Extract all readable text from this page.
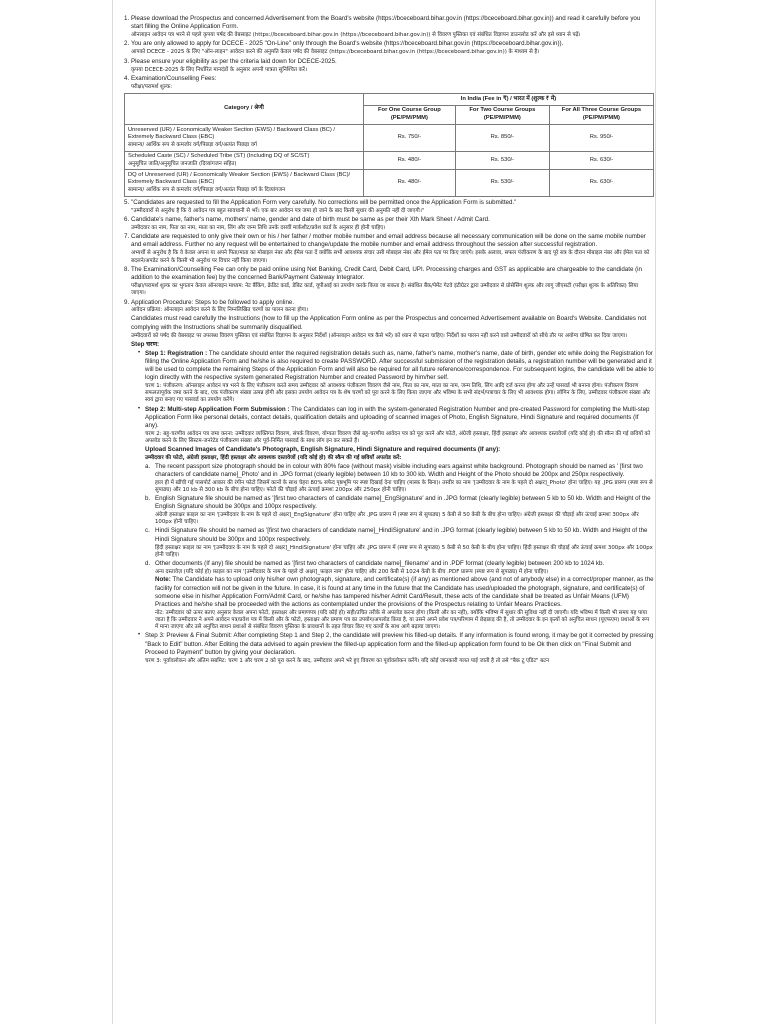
1. Please download the Prospectus and concerned Advertisement from the Board's website (https://bceceboard.bihar.gov.in (https://bceceboard.bihar.gov.in)) and read it carefully before you start filling the Online Application Form.

ऑनलाइन आवेदन पत्र भरने से पहले कृपया पर्षद की वेबसाइट (https://bceceboard.bihar.gov.in (https://bceceboard.bihar.gov.in)) से विवरण पुस्तिका एवं संबंधित विज्ञापन डाउनलोड करें और इसे ध्यान से पढ़ें।

2. You are only allowed to apply for DCECE - 2025 "On-Line" only through the Board's website (https://bceceboard.bihar.gov.in (https://bceceboard.bihar.gov.in)).

आपको DCECE - 2025 के लिए "ऑन-लाइन" आवेदन करने की अनुमति केवल पर्षद की वेबसाइट (https://bceceboard.bihar.gov.in (https://bceceboard.bihar.gov.in)) के माध्यम से है।

3. Please ensure your eligibility as per the criteria laid down for DCECE-2025.

कृपया DCECE-2025 के लिए निर्धारित मानदंडों के अनुसार अपनी पात्रता सुनिश्चित करें।

4. Examination/Counselling Fees:

परीक्षा/परामर्श शुल्क:

Category / श्रेणी	In India (Fee in ₹) / भारत में (शुल्क ₹ में)		
	For One Course Group (PE/PM/PMM)	For Two Course Groups (PE/PM/PMM)	For All Three Course Groups (PE/PM/PMM)

Unreserved (UR) / Economically Weaker Section (EWS) / Backward Class (BC) / Extremely Backward Class (EBC)
सामान्य/ आर्थिक रूप से कमजोर वर्ग/पिछड़ा वर्ग/अत्यंत पिछड़ा वर्ग	Rs. 750/-	Rs. 850/-	Rs. 950/-

Scheduled Caste (SC) / Scheduled Tribe (ST) (Including DQ of SC/ST)
अनुसूचित जाति/अनुसूचित जनजाति (दिव्यांगजन सहित)	Rs. 480/-	Rs. 530/-	Rs. 630/-

DQ of Unreserved (UR) / Economically Weaker Section (EWS) / Backward Class (BC)/ Extremely Backward Class (EBC)
सामान्य/ आर्थिक रूप से कमजोर वर्ग/पिछड़ा वर्ग/अत्यंत पिछड़ा वर्ग के दिव्यांगजन	Rs. 480/-	Rs. 530/-	Rs. 630/-
5. "Candidates are requested to fill the Application Form very carefully. No corrections will be permitted once the Application Form is submitted."

"उम्मीदवारों से अनुरोध है कि वे आवेदन पत्र बहुत सावधानी से भरें। एक बार आवेदन पत्र जमा हो जाने के बाद किसी सुधार की अनुमति नहीं दी जाएगी।"

6. Candidate's name, father's name, mothers' name, gender and date of birth must be same as per their Xth Mark Sheet / Admit Card.

उम्मीदवार का नाम, पिता का नाम, माता का नाम, लिंग और जन्म तिथि उनके दसवीं मार्कशीट/प्रवेश कार्ड के अनुसार ही होनी चाहिए।

7. Candidate are requested to only give their own or his / her father / mother mobile number and email address because all necessary communication will be done on the same mobile number and email address. Further no any request will be entertained to change/update the mobile number and email address throughout the session after successful registration.

अभ्यर्थी से अनुरोध है कि वे केवल अपना या अपने पिता/माता का मोबाइल नंबर और ईमेल पता दें क्योंकि सभी आवश्यक संचार उसी मोबाइल नंबर और ईमेल पता पर किए जाएंगे। इसके अलावा, सफल पंजीकरण के बाद पूरे सत्र के दौरान मोबाइल नंबर और ईमेल पता को बदलने/अपडेट करने के किसी भी अनुरोध पर विचार नहीं किया जाएगा।

8. The Examination/Counselling Fee can only be paid online using Net Banking, Credit Card, Debit Card, UPI. Processing charges and GST as applicable are chargeable to the candidate (in addition to the examination fee) by the concerned Bank/Payment Gateway Integrator.

परीक्षा/परामर्श शुल्क का भुगतान केवल ऑनलाइन माध्यम: नेट बैंकिंग, क्रेडिट कार्ड, डेबिट कार्ड, यूपीआई का उपयोग करके किया जा सकता है। संबंधित बैंक/पेमेंट गेटवे इंटीग्रेटर द्वारा उम्मीदवार से प्रोसेसिंग शुल्क और लागू जीएसटी (परीक्षा शुल्क के अतिरिक्त) लिया जाएगा।

9. Application Procedure: Steps to be followed to apply online.

आवेदन प्रक्रिया: ऑनलाइन आवेदन करने के लिए निम्नलिखित चरणों का पालन करना होगा।

Candidates must read carefully the Instructions (how to fill up the Application Form online as per the Prospectus and concerned Advertisement available on Board's Website. Candidates not complying with the Instructions shall be summarily disqualified.

उम्मीदवारों को पर्षद की वेबसाइट पर उपलब्ध विवरण पुस्तिका एवं संबंधित विज्ञापन के अनुसार निर्देशों (ऑनलाइन आवेदन पत्र कैसे भरें) को ध्यान से पढ़ना चाहिए। निर्देशों का पालन नहीं करने वाले उम्मीदवारों को सीधे तौर पर अयोग्य घोषित कर दिया जाएगा।

Step चरण:

• Step 1: Registration : The candidate should enter the required registration details such as, name, father's name, mother's name, date of birth, gender etc while doing the Registration for filling the Online Application Form and he/she is also required to create PASSWORD. After successful submission of the registration details, a registration number will be generated and it will be used to complete the remaining Steps of the Application Form and will also be required for all future reference/correspondence. For subsequent logins, the candidate will be able to login directly with the respective system generated Registration Number and created Password by him/her self.

चरण 1: पंजीकरण: ऑनलाइन आवेदन पत्र भरने के लिए पंजीकरण करते समय उम्मीदवार को आवश्यक पंजीकरण विवरण जैसे नाम, पिता का नाम, माता का नाम, जन्म तिथि, लिंग आदि दर्ज करना होगा और उन्हें पासवर्ड भी बनाना होगा। पंजीकरण विवरण सफलतापूर्वक जमा करने के बाद, एक पंजीकरण संख्या उत्पन्न होगी और इसका उपयोग आवेदन पत्र के शेष चरणों को पूरा करने के लिए किया जाएगा और भविष्य के सभी संदर्भ/पत्राचार के लिए भी आवश्यक होगा। लॉगिन के लिए, उम्मीदवार पंजीकरण संख्या और स्वयं द्वारा बनाए गए पासवर्ड का उपयोग करेंगे।

• Step 2: Multi-step Application Form Submission : The Candidates can log in with the system-generated Registration Number and pre-created Password for completing the Multi-step Application Form like personal details, contact details, qualification details and uploading of scanned images of Photo, English Signature, Hindi Signature and required documents (If any).

चरण 2: बहु-चरणीय आवेदन पत्र जमा करना: उम्मीदवार व्यक्तिगत विवरण, संपर्क विवरण, योग्यता विवरण जैसे बहु-चरणीय आवेदन पत्र को पूरा करने और फोटो, अंग्रेजी हस्ताक्षर, हिंदी हस्ताक्षर और आवश्यक दस्तावेजों (यदि कोई हो) की स्कैन की गई छवियों को अपलोड करने के लिए सिस्टम-जनरेटेड पंजीकरण संख्या और पूर्व-निर्मित पासवर्ड के साथ लॉग इन कर सकते हैं।

Upload Scanned Images of Candidate's Photograph, English Signature, Hindi Signature and required documents (If any):

उम्मीदवार की फोटो, अंग्रेजी हस्ताक्षर, हिंदी हस्ताक्षर और आवश्यक दस्तावेजों (यदि कोई हो) की स्कैन की गई छवियाँ अपलोड करें:

a. The recent passport size photograph should be in colour with 80% face (without mask) visible including ears against white background. Photograph should be named as ' [first two characters of candidate name]_Photo' and in .JPG format (clearly legible) between 10 kb to 300 kb. Width and Height of the Photo should be 200px and 250px respectively.

हाल ही में खींची गई पासपोर्ट आकार की रंगीन फोटो जिसमें कानों के साथ चेहरा 80% सफेद पृष्ठभूमि पर स्पष्ट दिखाई देना चाहिए (मास्क के बिना)। तस्वीर का नाम '[उम्मीदवार के नाम के पहले दो अक्षर]_Photo' होना चाहिए। यह .JPG प्रारूप (स्पष्ट रूप से सुपाठ्य) और 10 kb से 300 kb के बीच होना चाहिए। फोटो की चौड़ाई और ऊंचाई क्रमशः 200px और 250px होनी चाहिए।

b. English Signature file should be named as '[first two characters of candidate name]_EngSignature' and in .JPG format (clearly legible) between 5 kb to 50 kb. Width and Height of the English Signature should be 300px and 100px respectively.

अंग्रेजी हस्ताक्षर फ़ाइल का नाम '[उम्मीदवार के नाम के पहले दो अक्षर]_EngSignature' होना चाहिए और .JPG प्रारूप में (स्पष्ट रूप से सुपाठ्य) 5 केबी से 50 केबी के बीच होना चाहिए। अंग्रेजी हस्ताक्षर की चौड़ाई और ऊंचाई क्रमशः 300px और 100px होनी चाहिए।

c. Hindi Signature file should be named as '[first two characters of candidate name]_HindiSignature' and in .JPG format (clearly legible) between 5 kb to 50 kb. Width and Height of the Hindi Signature should be 300px and 100px respectively.

हिंदी हस्ताक्षर फ़ाइल का नाम '[उम्मीदवार के नाम के पहले दो अक्षर]_HindiSignature' होना चाहिए और .JPG प्रारूप में (स्पष्ट रूप से सुपाठ्य) 5 केबी से 50 केबी के बीच होना चाहिए। हिंदी हस्ताक्षर की चौड़ाई और ऊंचाई क्रमशः 300px और 100px होनी चाहिए।

d. Other documents (If any) file should be named as '[first two characters of candidate name]_filename' and in .PDF format (clearly legible) between 200 kb to 1024 kb.

अन्य दस्तावेज़ (यदि कोई हो) फ़ाइल का नाम '[उम्मीदवार के नाम के पहले दो अक्षर]_फ़ाइल नाम' होना चाहिए और 200 केबी से 1024 केबी के बीच .PDF प्रारूप (स्पष्ट रूप से सुपाठ्य) में होना चाहिए।

Note: The Candidate has to upload only his/her own photograph, signature, and certificate(s) (if any) as mentioned above (and not of anybody else) in a correct/proper manner, as the facility for correction will not be given in the future. In case, it is found at any time in the future that the Candidate has used/uploaded the photograph, signature, and certificate(s) of someone else in his/her Application Form/Admit Card, or he/she has tampered his/her Admit Card/Result, these acts of the candidate shall be treated as Unfair Means (UFM) Practices and he/she shall be proceeded with the actions as contemplated under the provisions of the Prospectus relating to Unfair Means Practices.

नोट: उम्मीदवार को ऊपर बताए अनुसार केवल अपना फोटो, हस्ताक्षर और प्रमाणपत्र (यदि कोई हो) सही/उचित तरीके से अपलोड करना होगा (किसी और का नहीं), क्योंकि भविष्य में सुधार की सुविधा नहीं दी जाएगी। यदि भविष्य में किसी भी समय यह पाया जाता है कि उम्मीदवार ने अपने आवेदन पत्र/प्रवेश पत्र में किसी और के फोटो, हस्ताक्षर और प्रमाण पत्र का उपयोग/अपलोड किया है, या उसने अपने प्रवेश पत्र/परिणाम में छेड़छाड़ की है, तो उम्मीदवार के इन कृत्यों को अनुचित साधन (यूएफएम) प्रथाओं के रूप में माना जाएगा और उसे अनुचित साधन प्रथाओं से संबंधित विवरण पुस्तिका के प्रावधानों के तहत विचार किए गए कार्यों के साथ आगे बढ़ाया जाएगा।

• Step 3: Preview & Final Submit: After completing Step 1 and Step 2, the candidate will preview his filled-up details. If any information is found wrong, it may be got it corrected by pressing "Back to Edit" button. After Editing the data advised to again preview the filled-up application form and the filled-up application form found to be Ok then click on "Final Submit and Proceed to Payment" button by giving your declaration.

चरण 3: पूर्वावलोकन और अंतिम सबमिट: चरण 1 और चरण 2 को पूरा करने के बाद, उम्मीदवार अपने भरे हुए विवरण का पूर्वावलोकन करेंगे। यदि कोई जानकारी गलत पाई जाती है तो उसे "बैक टू एडिट" बटन
